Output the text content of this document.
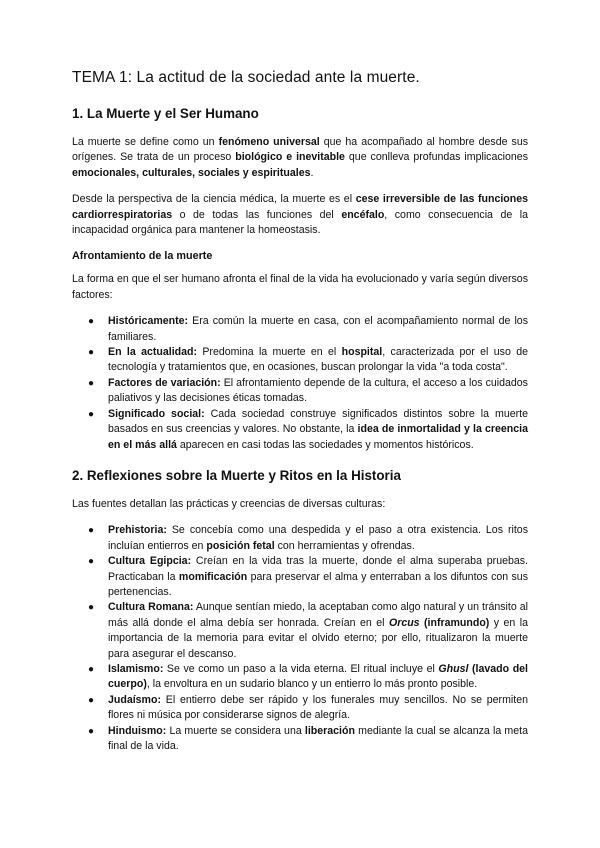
TEMA 1: La actitud de la sociedad ante la muerte.
1. La Muerte y el Ser Humano

La muerte se define como un fenómeno universal que ha acompañado al hombre desde sus orígenes. Se trata de un proceso biológico e inevitable que conlleva profundas implicaciones emocionales, culturales, sociales y espirituales.

Desde la perspectiva de la ciencia médica, la muerte es el cese irreversible de las funciones cardiorrespiratorias o de todas las funciones del encéfalo, como consecuencia de la incapacidad orgánica para mantener la homeostasis.

Afrontamiento de la muerte

La forma en que el ser humano afronta el final de la vida ha evolucionado y varía según diversos factores:

● Históricamente: Era común la muerte en casa, con el acompañamiento normal de los familiares.
● En la actualidad: Predomina la muerte en el hospital, caracterizada por el uso de tecnología y tratamientos que, en ocasiones, buscan prolongar la vida "a toda costa".
● Factores de variación: El afrontamiento depende de la cultura, el acceso a los cuidados paliativos y las decisiones éticas tomadas.
● Significado social: Cada sociedad construye significados distintos sobre la muerte basados en sus creencias y valores. No obstante, la idea de inmortalidad y la creencia en el más allá aparecen en casi todas las sociedades y momentos históricos.
2. Reflexiones sobre la Muerte y Ritos en la Historia

Las fuentes detallan las prácticas y creencias de diversas culturas:

● Prehistoria: Se concebía como una despedida y el paso a otra existencia. Los ritos incluían entierros en posición fetal con herramientas y ofrendas.
● Cultura Egipcia: Creían en la vida tras la muerte, donde el alma superaba pruebas. Practicaban la momificación para preservar el alma y enterraban a los difuntos con sus pertenencias.
● Cultura Romana: Aunque sentían miedo, la aceptaban como algo natural y un tránsito al más allá donde el alma debía ser honrada. Creían en el Orcus (inframundo) y en la importancia de la memoria para evitar el olvido eterno; por ello, ritualizaron la muerte para asegurar el descanso.
● Islamismo: Se ve como un paso a la vida eterna. El ritual incluye el Ghusl (lavado del cuerpo), la envoltura en un sudario blanco y un entierro lo más pronto posible.
● Judaísmo: El entierro debe ser rápido y los funerales muy sencillos. No se permiten flores ni música por considerarse signos de alegría.
● Hinduismo: La muerte se considera una liberación mediante la cual se alcanza la meta final de la vida.
